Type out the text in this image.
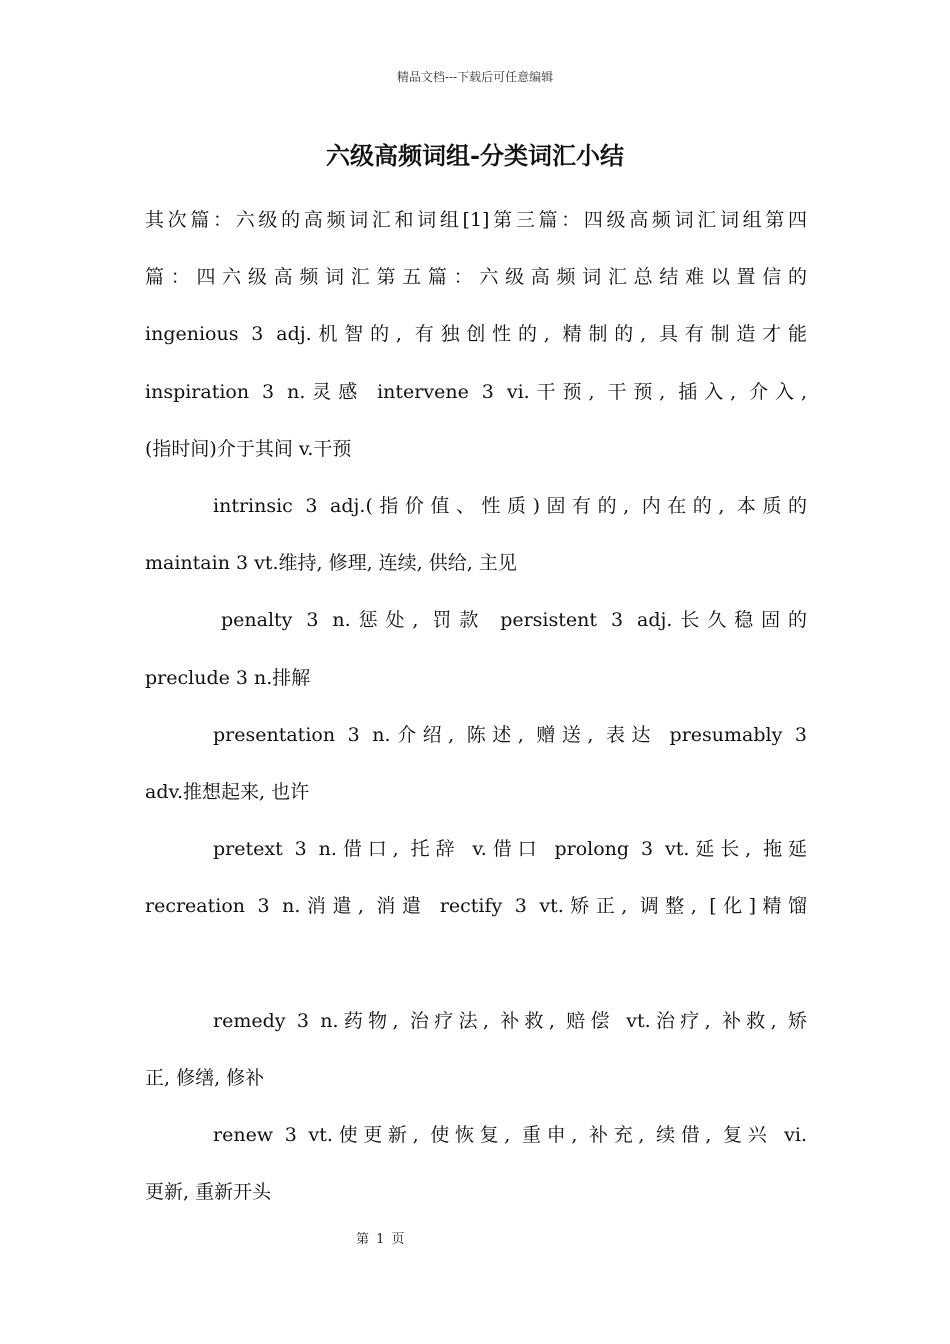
精品文档---下载后可任意编辑
六级高频词组-分类词汇小结
其次篇：六级的高频词汇和词组[1]第三篇：四级高频词汇词组第四
篇：四六级高频词汇第五篇：六级高频词汇总结难以置信的
ingenious 3 adj.机智的, 有独创性的, 精制的, 具有制造才能
inspiration 3 n.灵感 intervene 3 vi.干预, 干预, 插入, 介入,
(指时间)介于其间 v.干预
intrinsic 3 adj.(指价值、性质)固有的, 内在的, 本质的
maintain 3 vt.维持, 修理, 连续, 供给, 主见
penalty 3 n.惩处, 罚款 persistent 3 adj.长久稳固的
preclude 3 n.排解
presentation 3 n.介绍, 陈述, 赠送, 表达 presumably 3
adv.推想起来, 也许
pretext 3 n.借口, 托辞 v.借口 prolong 3 vt.延长, 拖延
recreation 3 n.消遣, 消遣 rectify 3 vt.矫正, 调整, [化]精馏
remedy 3 n.药物, 治疗法, 补救, 赔偿 vt.治疗, 补救, 矫
正, 修缮, 修补
renew 3 vt.使更新, 使恢复, 重申, 补充, 续借, 复兴 vi.
更新, 重新开头
第 1 页
